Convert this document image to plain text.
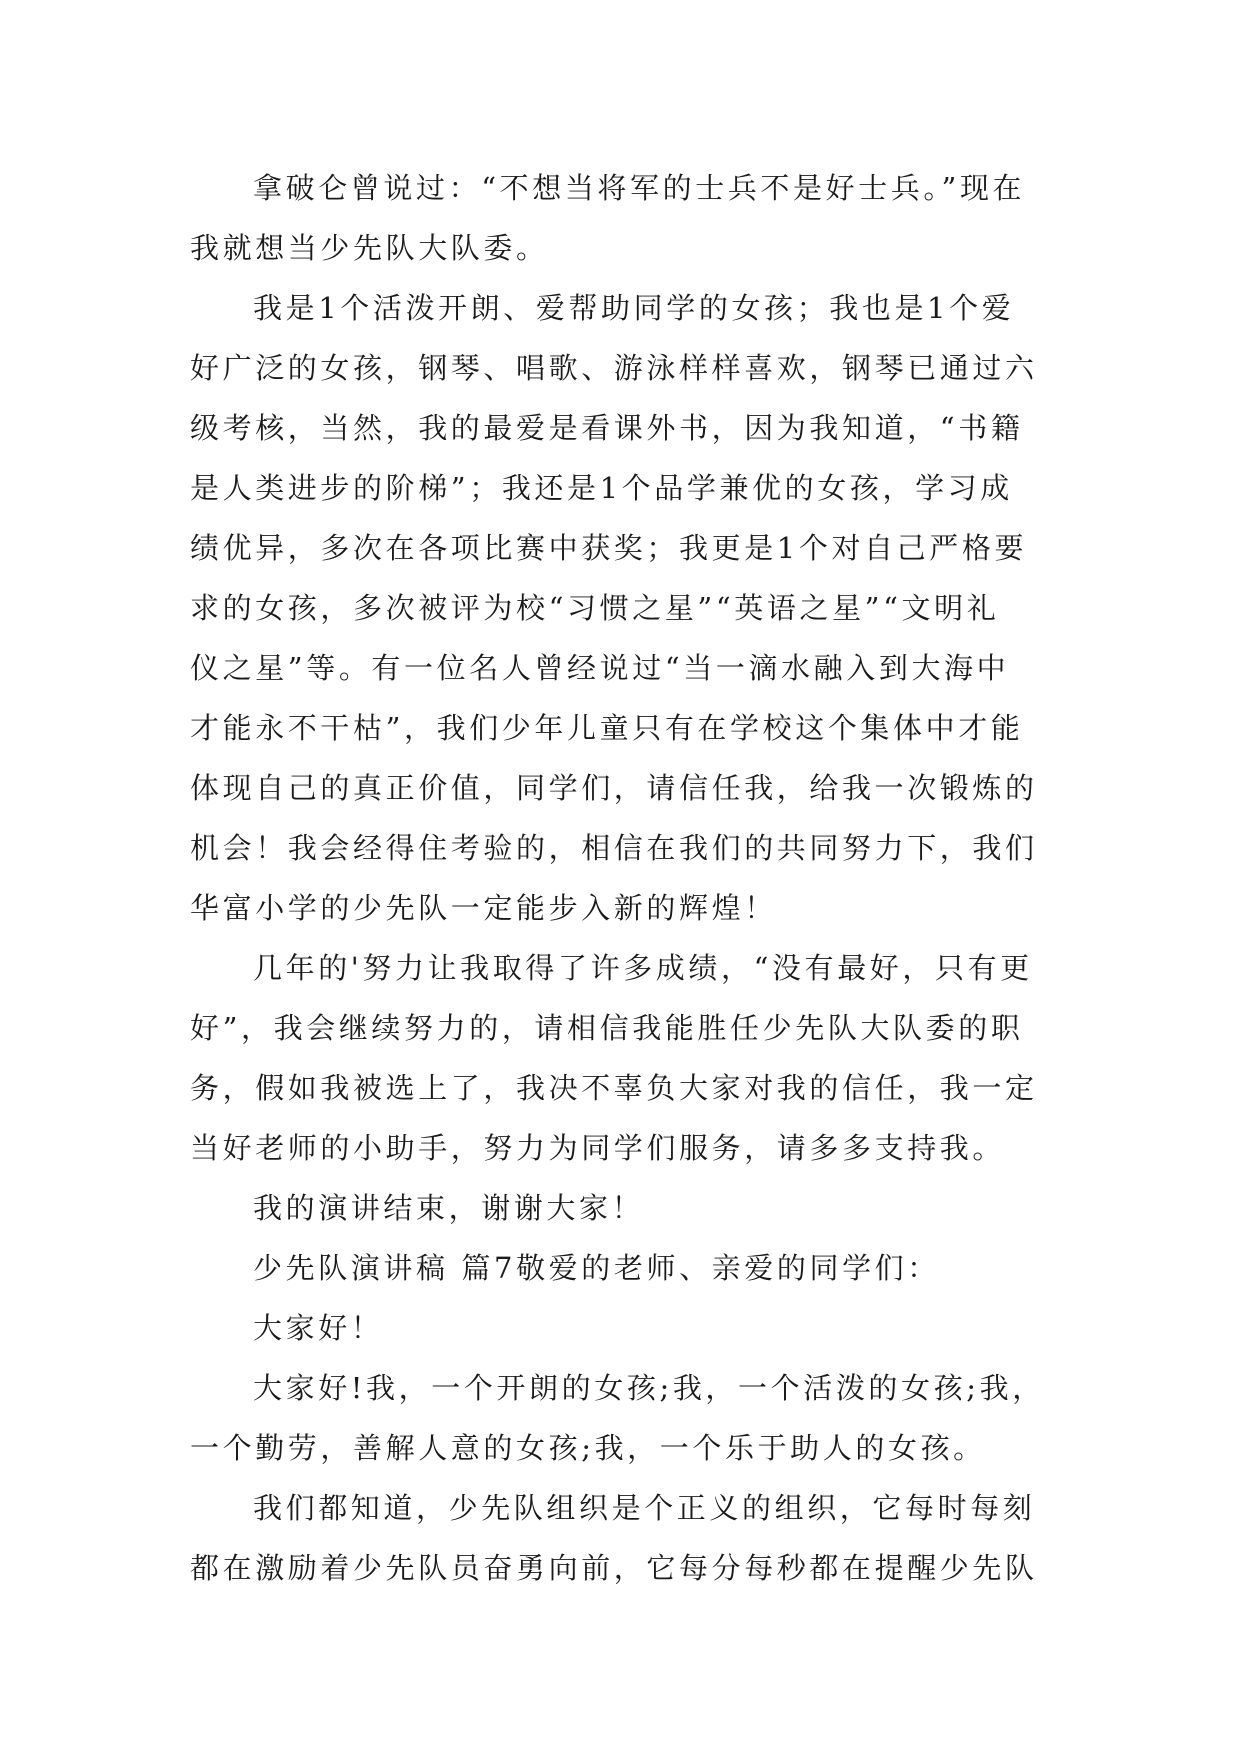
拿破仑曾说过：“不想当将军的士兵不是好士兵。”现在
我就想当少先队大队委。
我是1个活泼开朗、爱帮助同学的女孩；我也是1个爱
好广泛的女孩，钢琴、唱歌、游泳样样喜欢，钢琴已通过六
级考核，当然，我的最爱是看课外书，因为我知道，“书籍
是人类进步的阶梯”；我还是1个品学兼优的女孩，学习成
绩优异，多次在各项比赛中获奖；我更是1个对自己严格要
求的女孩，多次被评为校“习惯之星”“英语之星”“文明礼
仪之星”等。有一位名人曾经说过“当一滴水融入到大海中
才能永不干枯”，我们少年儿童只有在学校这个集体中才能
体现自己的真正价值，同学们，请信任我，给我一次锻炼的
机会！我会经得住考验的，相信在我们的共同努力下，我们
华富小学的少先队一定能步入新的辉煌！
几年的'努力让我取得了许多成绩，“没有最好，只有更
好”，我会继续努力的，请相信我能胜任少先队大队委的职
务，假如我被选上了，我决不辜负大家对我的信任，我一定
当好老师的小助手，努力为同学们服务，请多多支持我。
我的演讲结束，谢谢大家！
少先队演讲稿 篇7敬爱的老师、亲爱的同学们：
大家好！
大家好!我，一个开朗的女孩;我，一个活泼的女孩;我，
一个勤劳，善解人意的女孩;我，一个乐于助人的女孩。
我们都知道，少先队组织是个正义的组织，它每时每刻
都在激励着少先队员奋勇向前，它每分每秒都在提醒少先队
